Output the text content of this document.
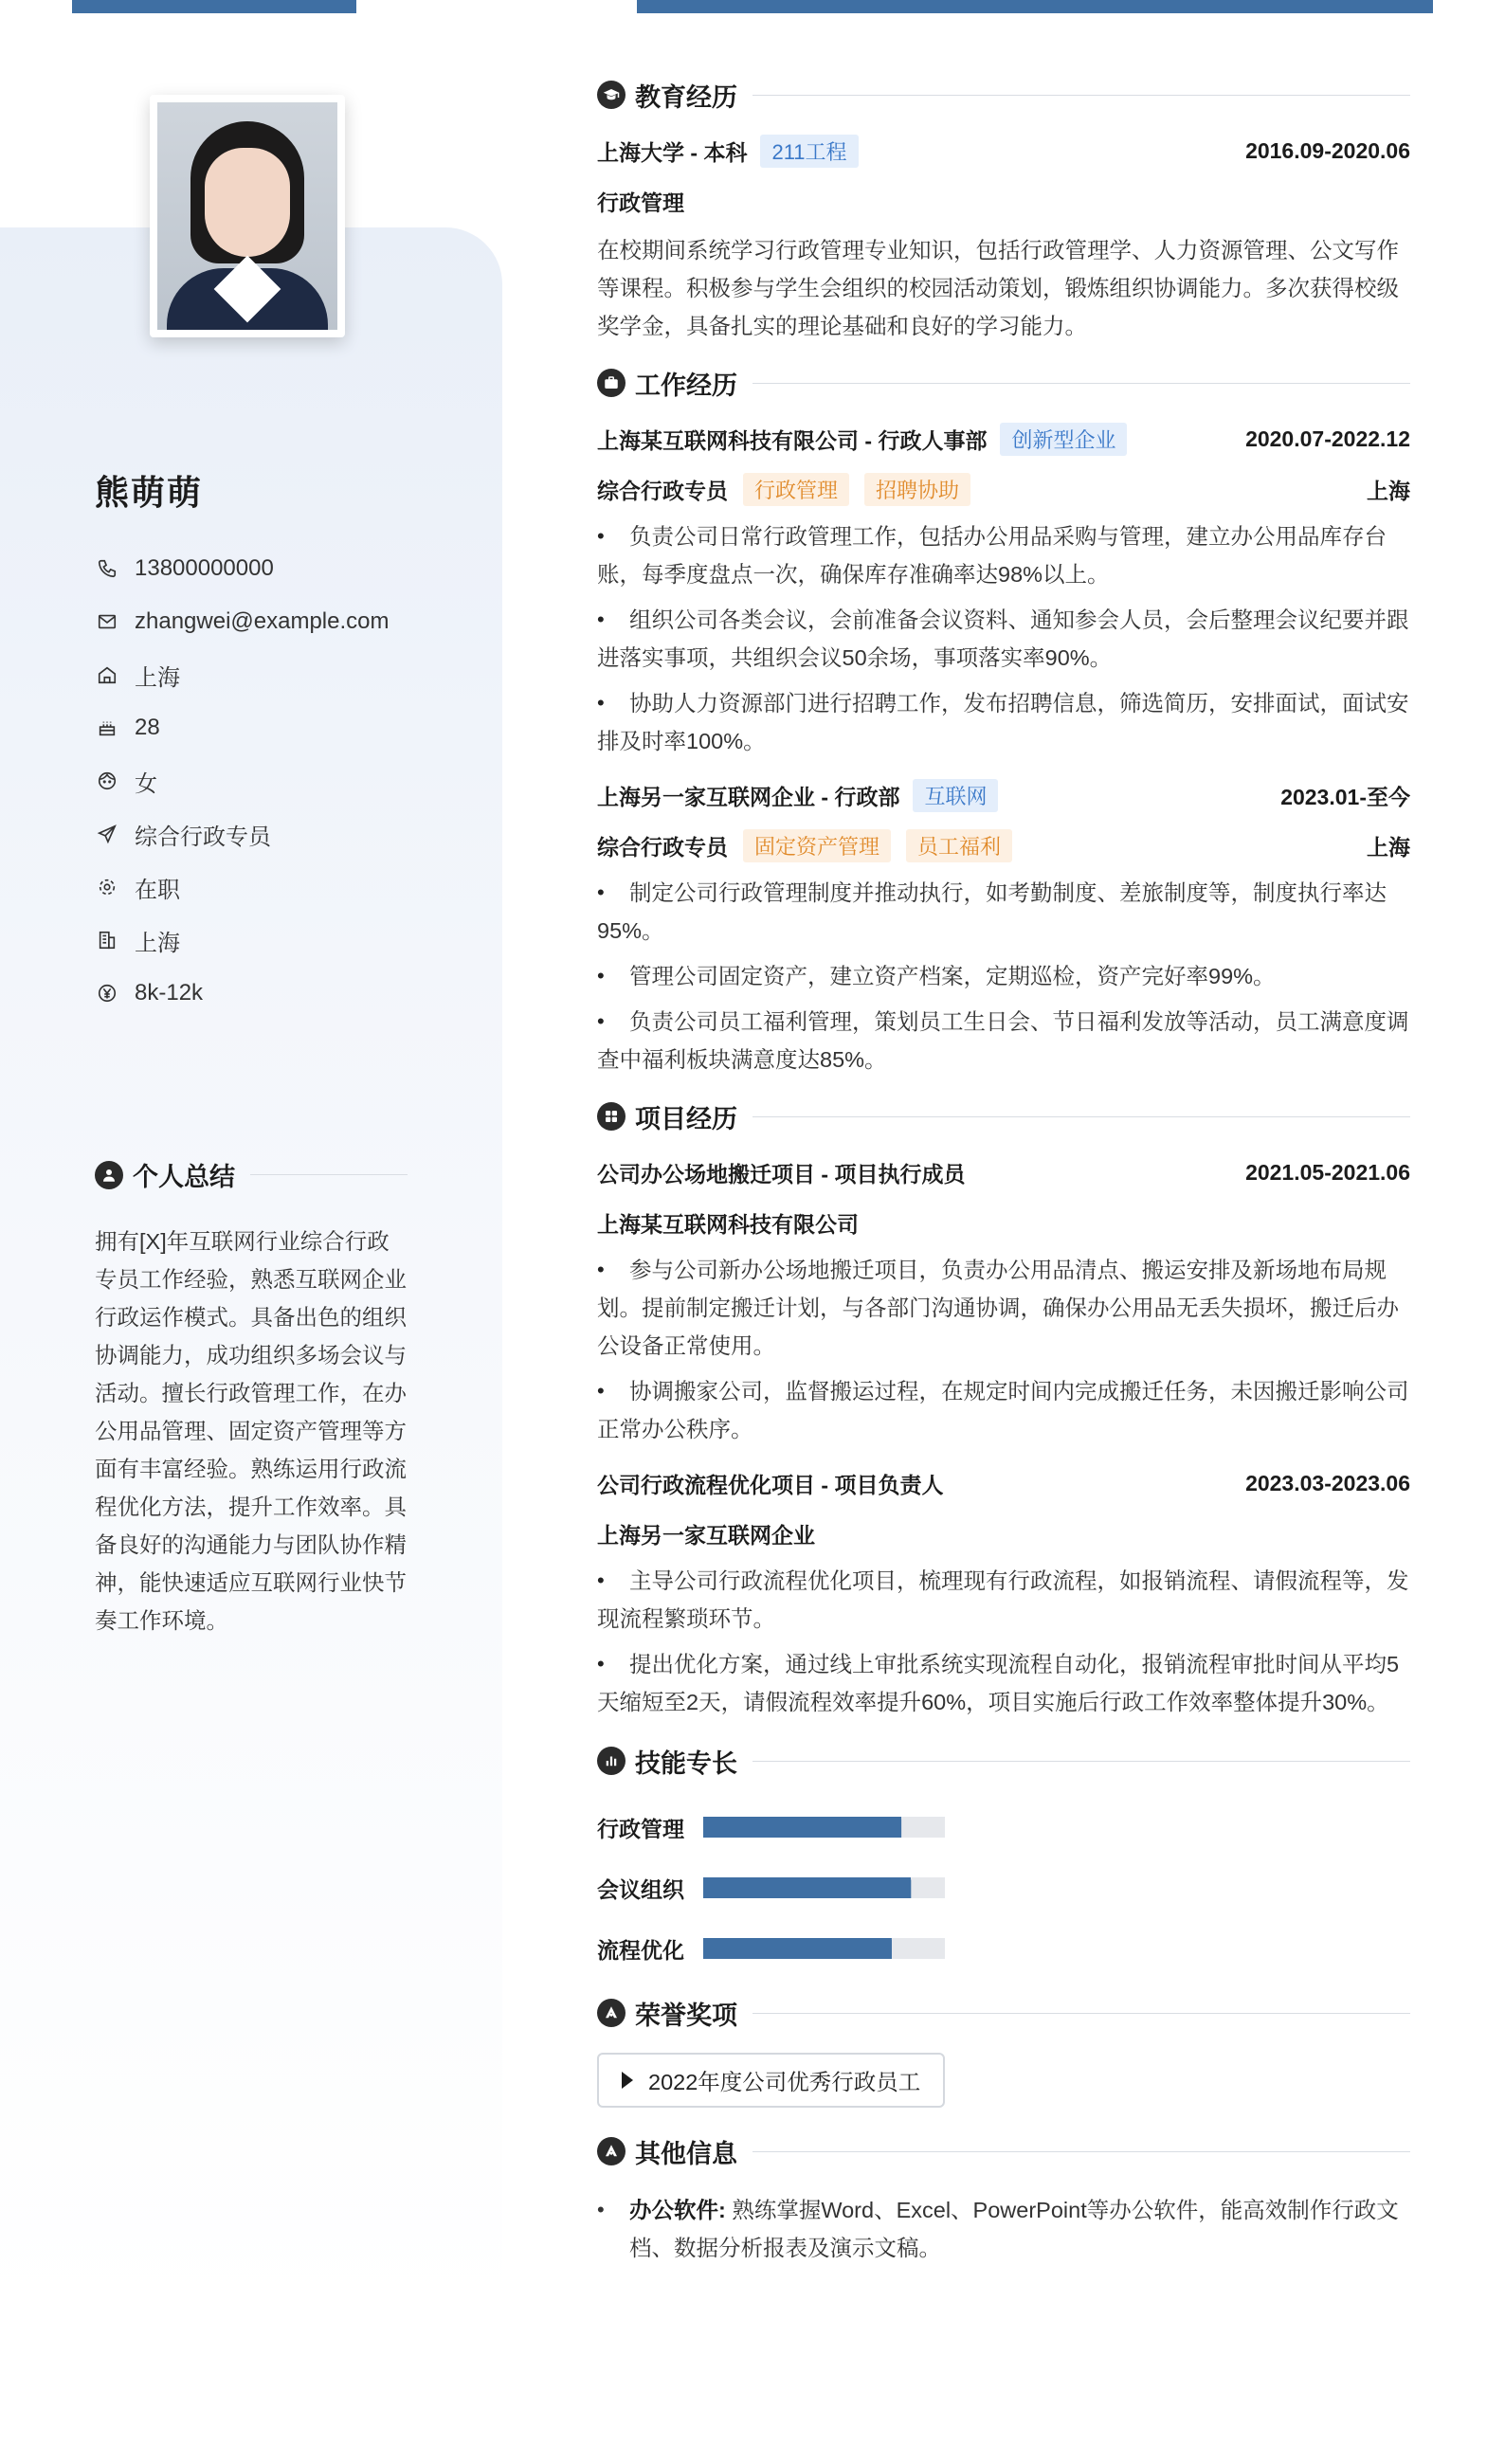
熊萌萌
13800000000
zhangwei@example.com
上海
28
女
综合行政专员
在职
上海
8k-12k
个人总结
拥有[X]年互联网行业综合行政专员工作经验，熟悉互联网企业行政运作模式。具备出色的组织协调能力，成功组织多场会议与活动。擅长行政管理工作，在办公用品管理、固定资产管理等方面有丰富经验。熟练运用行政流程优化方法，提升工作效率。具备良好的沟通能力与团队协作精神，能快速适应互联网行业快节奏工作环境。
教育经历
上海大学 - 本科	211工程	2016.09-2020.06
行政管理
在校期间系统学习行政管理专业知识，包括行政管理学、人力资源管理、公文写作等课程。积极参与学生会组织的校园活动策划，锻炼组织协调能力。多次获得校级奖学金，具备扎实的理论基础和良好的学习能力。
工作经历
上海某互联网科技有限公司 - 行政人事部	创新型企业	2020.07-2022.12
综合行政专员	行政管理	招聘协助	上海
• 负责公司日常行政管理工作，包括办公用品采购与管理，建立办公用品库存台账，每季度盘点一次，确保库存准确率达98%以上。
• 组织公司各类会议，会前准备会议资料、通知参会人员，会后整理会议纪要并跟进落实事项，共组织会议50余场，事项落实率90%。
• 协助人力资源部门进行招聘工作，发布招聘信息，筛选简历，安排面试，面试安排及时率100%。
上海另一家互联网企业 - 行政部	互联网	2023.01-至今
综合行政专员	固定资产管理	员工福利	上海
• 制定公司行政管理制度并推动执行，如考勤制度、差旅制度等，制度执行率达95%。
• 管理公司固定资产，建立资产档案，定期巡检，资产完好率99%。
• 负责公司员工福利管理，策划员工生日会、节日福利发放等活动，员工满意度调查中福利板块满意度达85%。
项目经历
公司办公场地搬迁项目 - 项目执行成员	2021.05-2021.06
上海某互联网科技有限公司
• 参与公司新办公场地搬迁项目，负责办公用品清点、搬运安排及新场地布局规划。提前制定搬迁计划，与各部门沟通协调，确保办公用品无丢失损坏，搬迁后办公设备正常使用。
• 协调搬家公司，监督搬运过程，在规定时间内完成搬迁任务，未因搬迁影响公司正常办公秩序。
公司行政流程优化项目 - 项目负责人	2023.03-2023.06
上海另一家互联网企业
• 主导公司行政流程优化项目，梳理现有行政流程，如报销流程、请假流程等，发现流程繁琐环节。
• 提出优化方案，通过线上审批系统实现流程自动化，报销流程审批时间从平均5天缩短至2天，请假流程效率提升60%，项目实施后行政工作效率整体提升30%。
技能专长
行政管理
会议组织
流程优化
荣誉奖项
2022年度公司优秀行政员工
其他信息
• 办公软件: 熟练掌握Word、Excel、PowerPoint等办公软件，能高效制作行政文档、数据分析报表及演示文稿。
